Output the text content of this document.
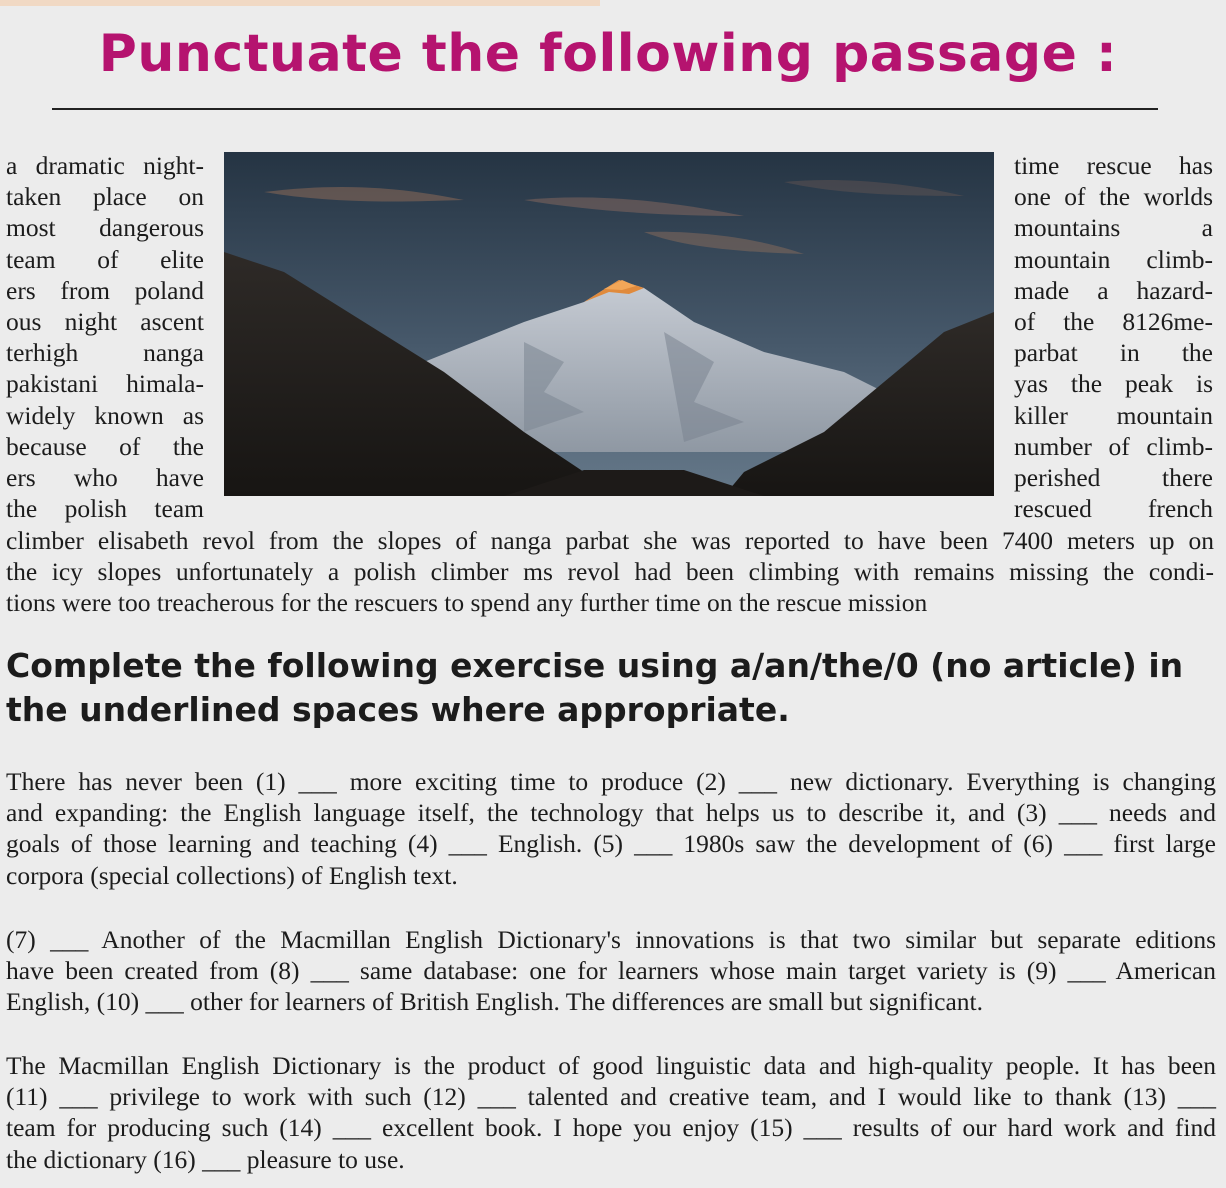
Punctuate the following passage :
a dramatic night-
taken place on
most dangerous
team of elite
ers from poland
ous night ascent
terhigh nanga
pakistani himala-
widely known as
because of the
ers who have
the polish team
time rescue has
one of the worlds
mountains a
mountain climb-
made a hazard-
of the 8126me-
parbat in the
yas the peak is
killer mountain
number of climb-
perished there
rescued french
climber elisabeth revol from the slopes of nanga parbat she was reported to have been 7400 meters up on
the icy slopes unfortunately a polish climber ms revol had been climbing with remains missing the condi-
tions were too treacherous for the rescuers to spend any further time on the rescue mission
Complete the following exercise using a/an/the/0 (no article) in
the underlined spaces where appropriate.
There has never been (1) ___ more exciting time to produce (2) ___ new dictionary. Everything is changing
and expanding: the English language itself, the technology that helps us to describe it, and (3) ___ needs and
goals of those learning and teaching (4) ___ English. (5) ___ 1980s saw the development of (6) ___ first large
corpora (special collections) of English text.
(7) ___ Another of the Macmillan English Dictionary's innovations is that two similar but separate editions
have been created from (8) ___ same database: one for learners whose main target variety is (9) ___ American
English, (10) ___ other for learners of British English. The differences are small but significant.
The Macmillan English Dictionary is the product of good linguistic data and high-quality people. It has been
(11) ___ privilege to work with such (12) ___ talented and creative team, and I would like to thank (13) ___
team for producing such (14) ___ excellent book. I hope you enjoy (15) ___ results of our hard work and find
the dictionary (16) ___ pleasure to use.
